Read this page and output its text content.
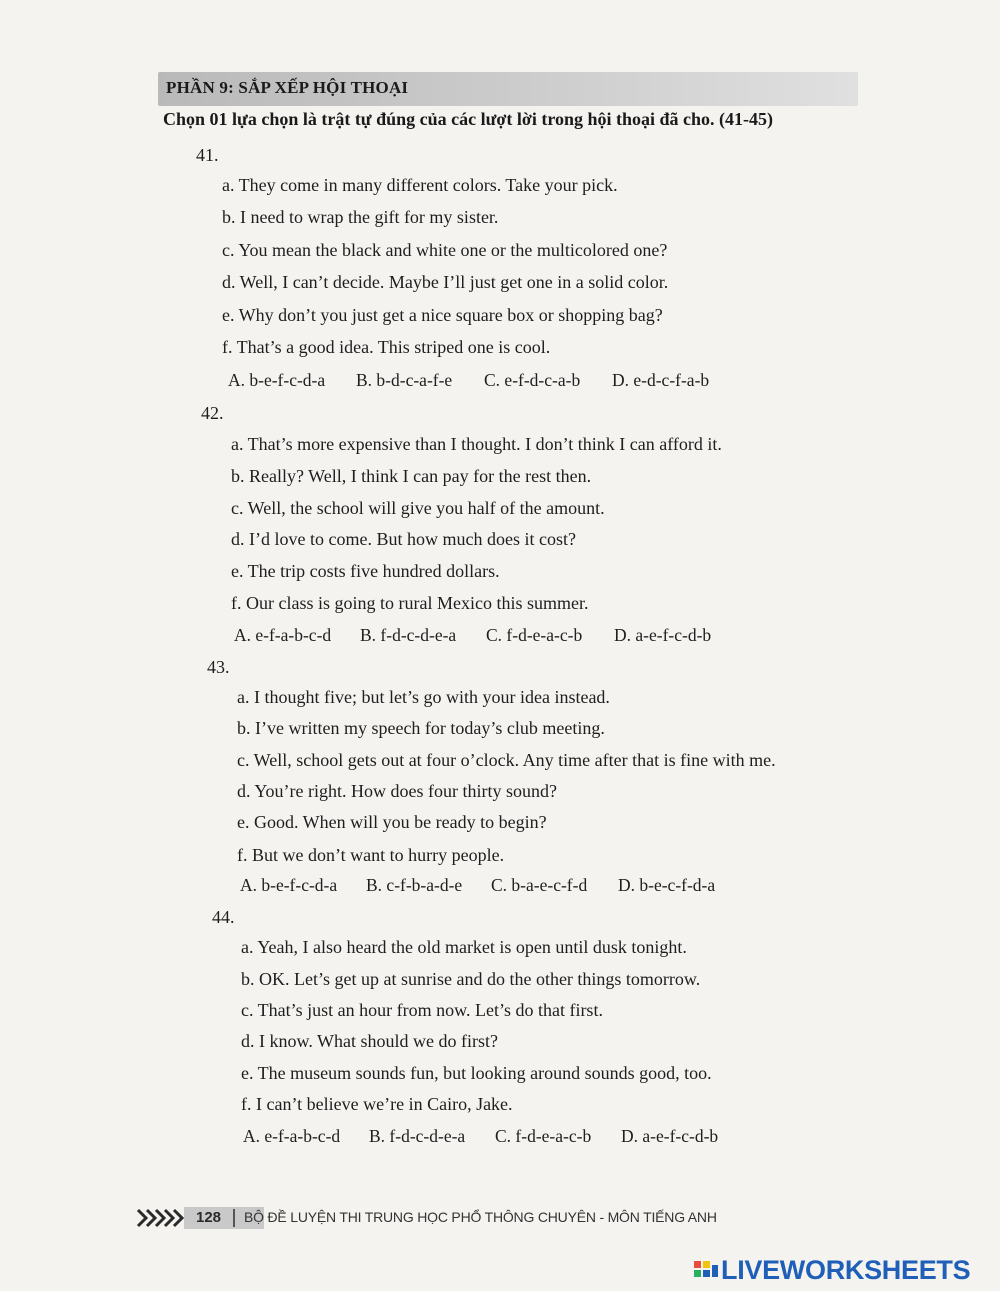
PHẦN 9: SẮP XẾP HỘI THOẠI
Chọn 01 lựa chọn là trật tự đúng của các lượt lời trong hội thoại đã cho. (41-45)
41.
a. They come in many different colors. Take your pick.
b. I need to wrap the gift for my sister.
c. You mean the black and white one or the multicolored one?
d. Well, I can’t decide. Maybe I’ll just get one in a solid color.
e. Why don’t you just get a nice square box or shopping bag?
f. That’s a good idea. This striped one is cool.
A. b-e-f-c-d-a B. b-d-c-a-f-e C. e-f-d-c-a-b D. e-d-c-f-a-b
42.
a. That’s more expensive than I thought. I don’t think I can afford it.
b. Really? Well, I think I can pay for the rest then.
c. Well, the school will give you half of the amount.
d. I’d love to come. But how much does it cost?
e. The trip costs five hundred dollars.
f. Our class is going to rural Mexico this summer.
A. e-f-a-b-c-d B. f-d-c-d-e-a C. f-d-e-a-c-b D. a-e-f-c-d-b
43.
a. I thought five; but let’s go with your idea instead.
b. I’ve written my speech for today’s club meeting.
c. Well, school gets out at four o’clock. Any time after that is fine with me.
d. You’re right. How does four thirty sound?
e. Good. When will you be ready to begin?
f. But we don’t want to hurry people.
A. b-e-f-c-d-a B. c-f-b-a-d-e C. b-a-e-c-f-d D. b-e-c-f-d-a
44.
a. Yeah, I also heard the old market is open until dusk tonight.
b. OK. Let’s get up at sunrise and do the other things tomorrow.
c. That’s just an hour from now. Let’s do that first.
d. I know. What should we do first?
e. The museum sounds fun, but looking around sounds good, too.
f. I can’t believe we’re in Cairo, Jake.
A. e-f-a-b-c-d B. f-d-c-d-e-a C. f-d-e-a-c-b D. a-e-f-c-d-b
128 BỘ ĐỀ LUYỆN THI TRUNG HỌC PHỔ THÔNG CHUYÊN - MÔN TIẾNG ANH
LIVEWORKSHEETS
